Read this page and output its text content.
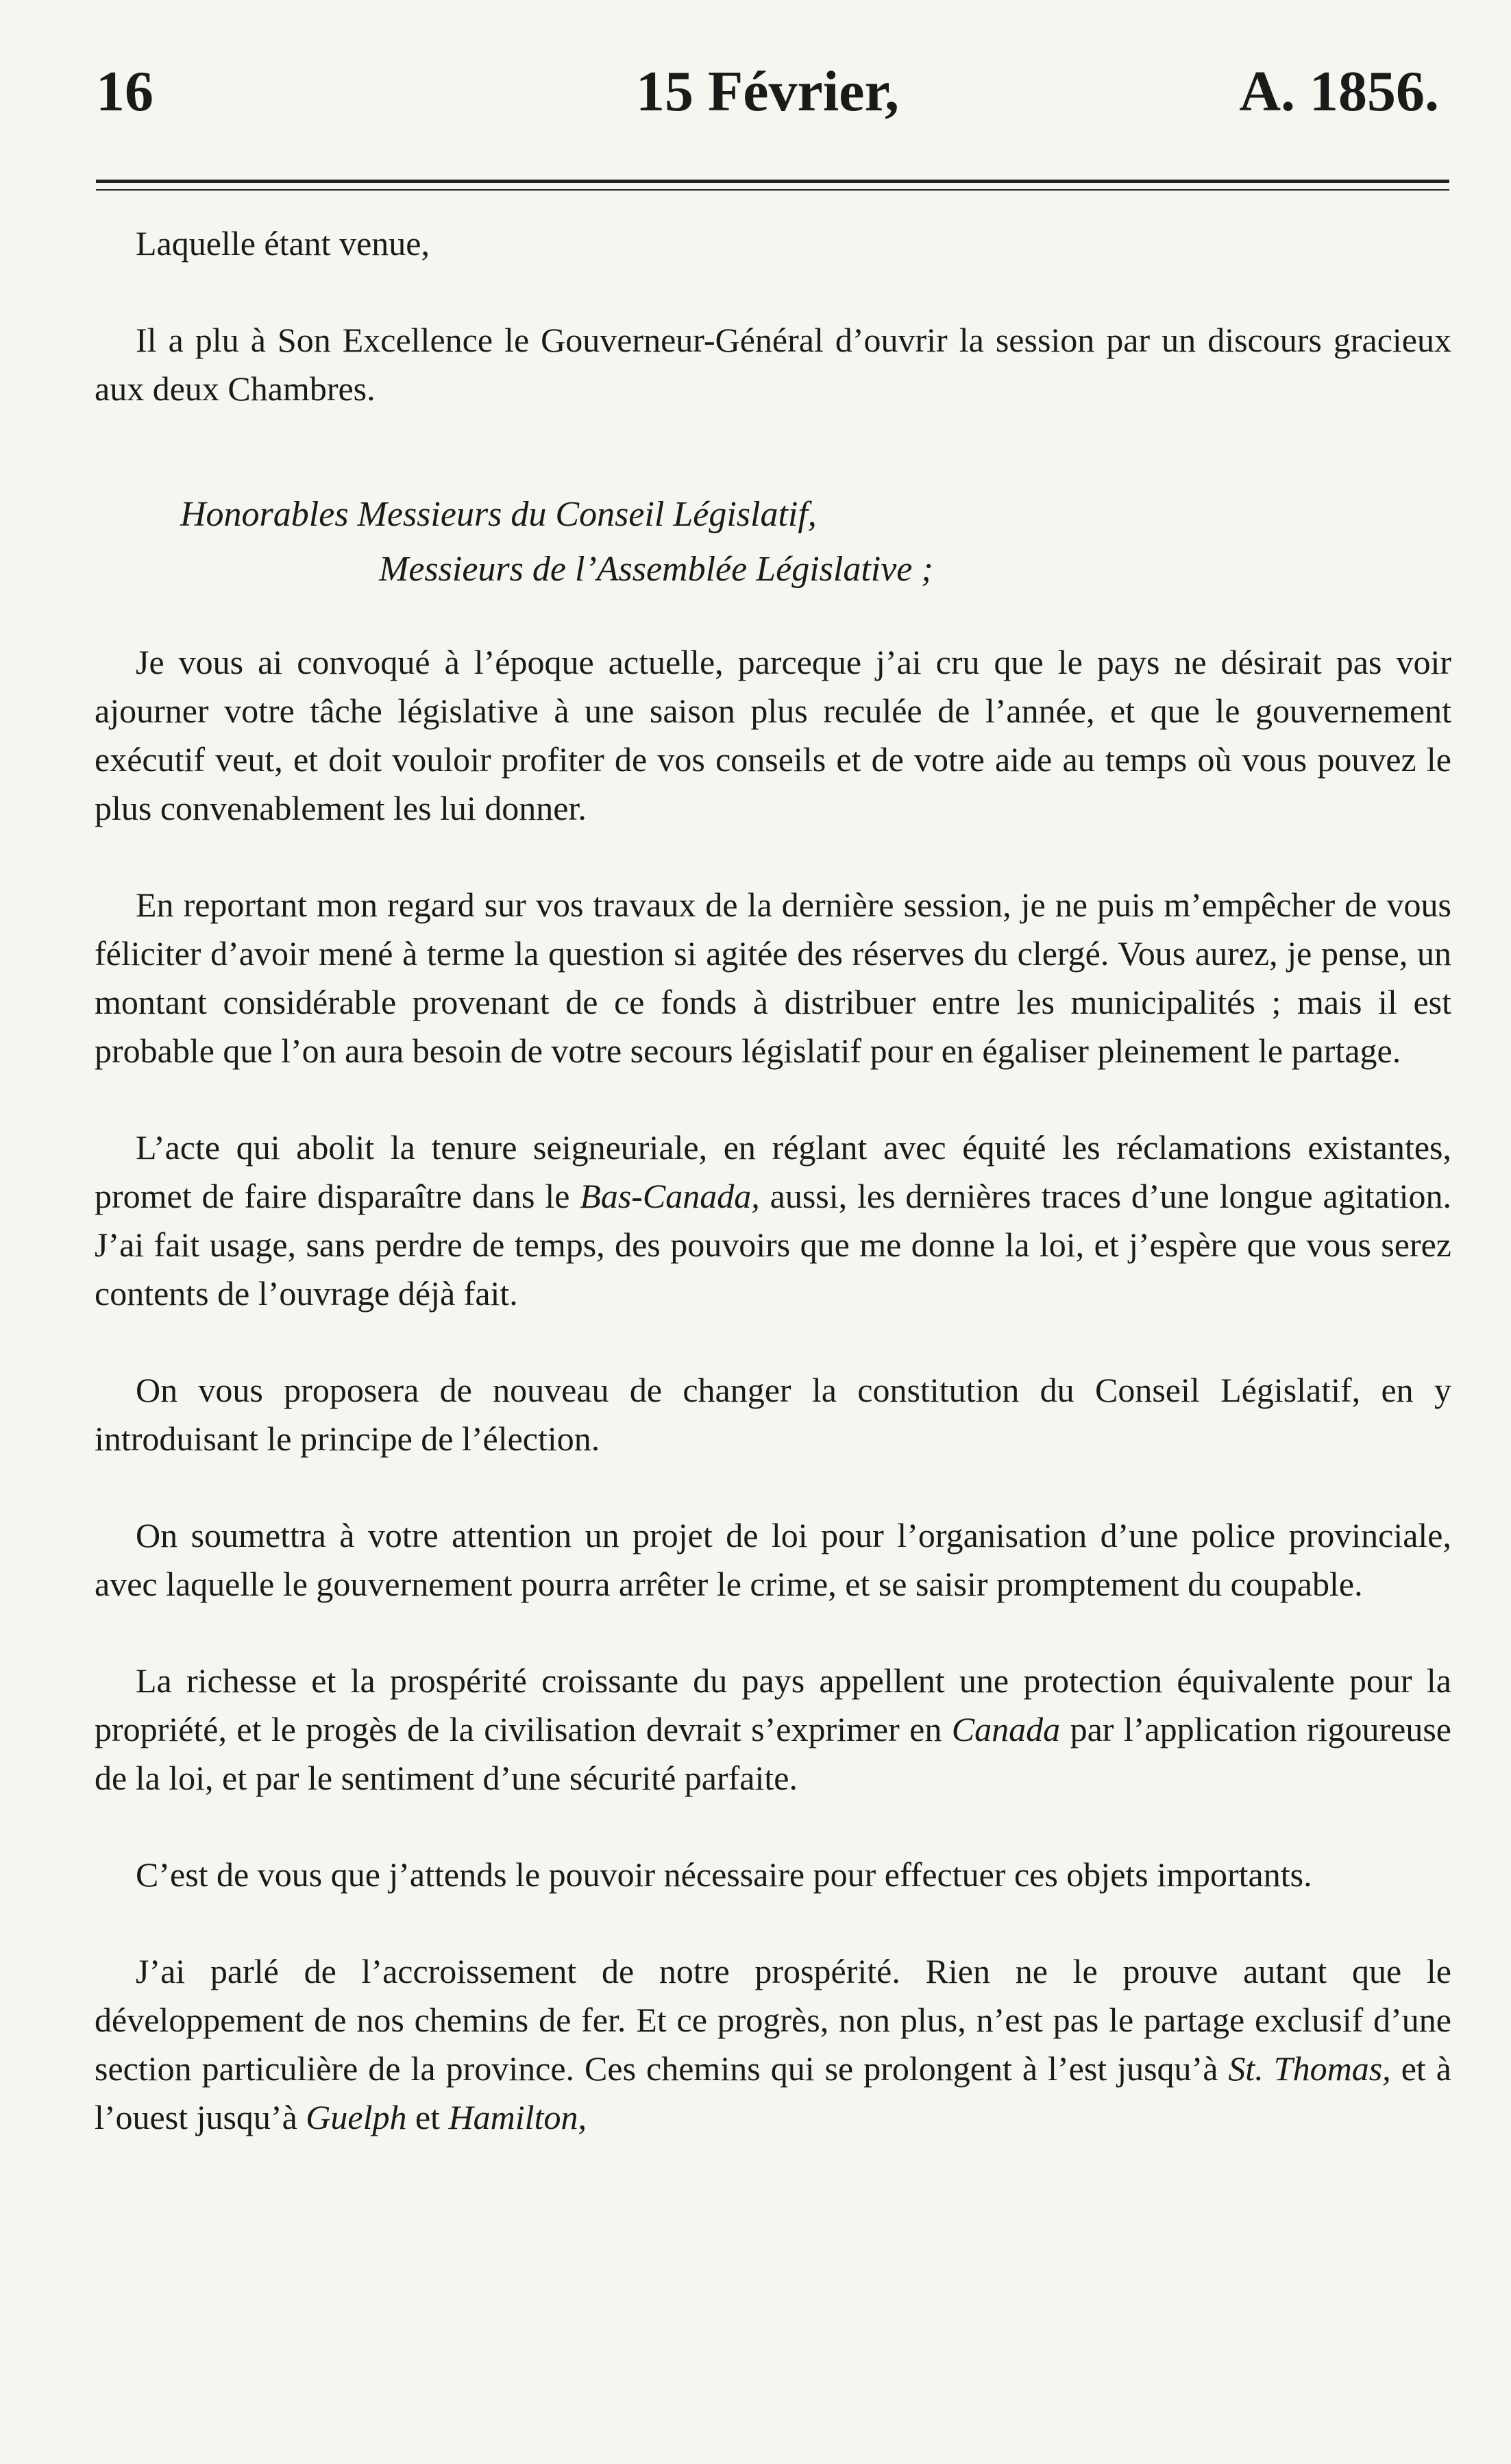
16	15 Février,	A. 1856.

Laquelle étant venue,

Il a plu à Son Excellence le Gouverneur-Général d’ouvrir la session par un discours gracieux aux deux Chambres.

Honorables Messieurs du Conseil Législatif,

Messieurs de l’Assemblée Législative ;

Je vous ai convoqué à l’époque actuelle, parceque j’ai cru que le pays ne désirait pas voir ajourner votre tâche législative à une saison plus reculée de l’année, et que le gouvernement exécutif veut, et doit vouloir profiter de vos conseils et de votre aide au temps où vous pouvez le plus convenablement les lui donner.

En reportant mon regard sur vos travaux de la dernière session, je ne puis m’empêcher de vous féliciter d’avoir mené à terme la question si agitée des réserves du clergé. Vous aurez, je pense, un montant considérable provenant de ce fonds à distribuer entre les municipalités ; mais il est probable que l’on aura besoin de votre secours législatif pour en égaliser pleinement le partage.

L’acte qui abolit la tenure seigneuriale, en réglant avec équité les réclamations existantes, promet de faire disparaître dans le Bas-Canada, aussi, les dernières traces d’une longue agitation. J’ai fait usage, sans perdre de temps, des pouvoirs que me donne la loi, et j’espère que vous serez contents de l’ouvrage déjà fait.

On vous proposera de nouveau de changer la constitution du Conseil Législatif, en y introduisant le principe de l’élection.

On soumettra à votre attention un projet de loi pour l’organisation d’une police provinciale, avec laquelle le gouvernement pourra arrêter le crime, et se saisir promptement du coupable.

La richesse et la prospérité croissante du pays appellent une protection équivalente pour la propriété, et le progès de la civilisation devrait s’exprimer en Canada par l’application rigoureuse de la loi, et par le sentiment d’une sécurité parfaite.

C’est de vous que j’attends le pouvoir nécessaire pour effectuer ces objets importants.

J’ai parlé de l’accroissement de notre prospérité. Rien ne le prouve autant que le développement de nos chemins de fer. Et ce progrès, non plus, n’est pas le partage exclusif d’une section particulière de la province. Ces chemins qui se prolongent à l’est jusqu’à St. Thomas, et à l’ouest jusqu’à Guelph et Hamilton,
